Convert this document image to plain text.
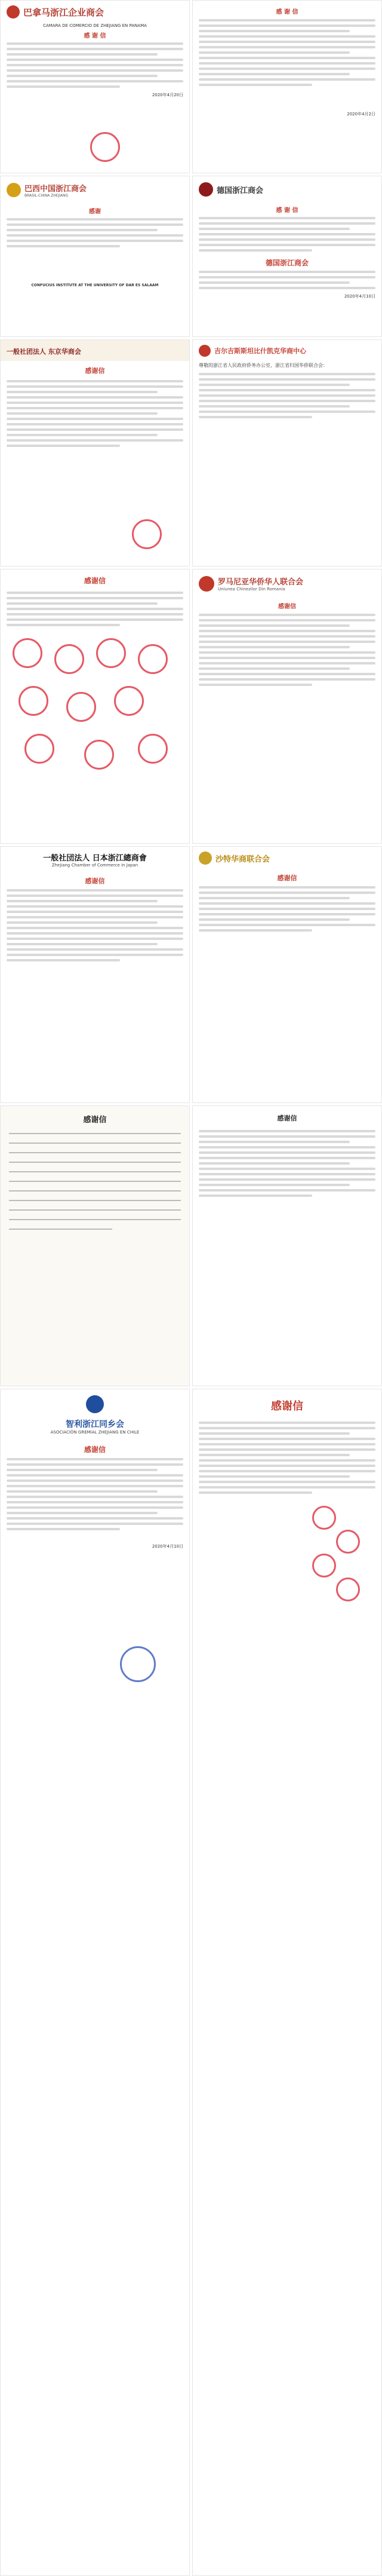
巴拿马浙江企业商会
CAMARA DE COMERCIO DE ZHEJIANG EN PANAMA
感 谢 信
2020年4月20日
感 谢 信
2020年4月2日
巴西中国浙江商会
BRASIL-CHINA ZHEJIANG
感谢
CONFUCIUS INSTITUTE AT THE UNIVERSITY OF DAR ES SALAAM
德国浙江商会
感 谢 信
德国浙江商会
2020年4月10日
一般社团法人 东京华商会
感谢信
吉尔吉斯斯坦比什凯克华商中心
尊敬的浙江省人民政府侨务办公室、浙江省归国华侨联合会：
感谢信	罗马尼亚华侨华人联合会
Uniunea Chinezilor Din Romania
感谢信
一般社団法人 日本浙江總商會
Zhejiang Chamber of Commerce in Japan
感谢信
沙特华商联合会
感谢信
感谢信	感谢信
智利浙江同乡会
ASOCIACIÓN GREMIAL ZHEJIANG EN CHILE
感谢信
2020年4月10日
感谢信
